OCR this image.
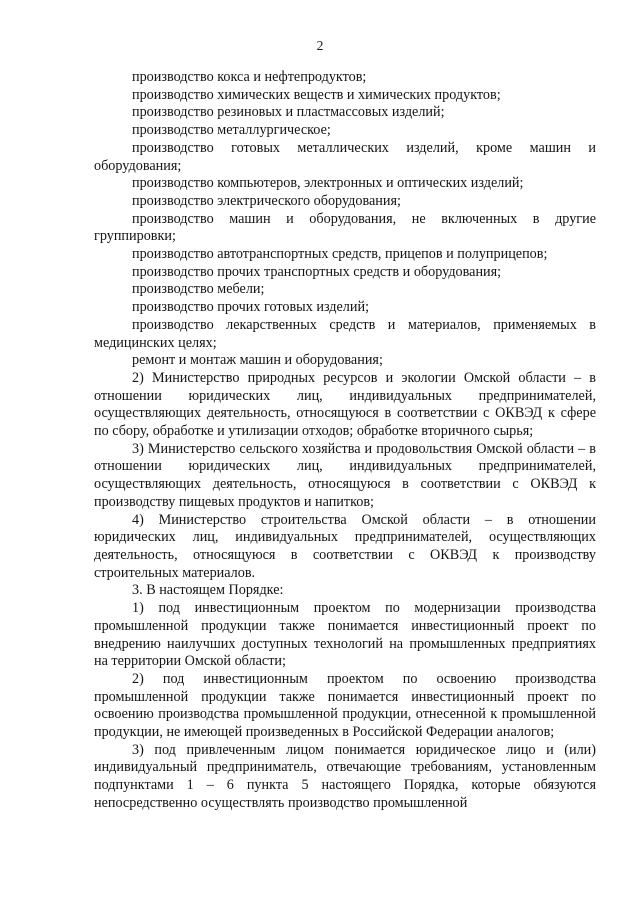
2

производство кокса и нефтепродуктов;

производство химических веществ и химических продуктов;

производство резиновых и пластмассовых изделий;

производство металлургическое;

производство готовых металлических изделий, кроме машин и оборудования;

производство компьютеров, электронных и оптических изделий;

производство электрического оборудования;

производство машин и оборудования, не включенных в другие группировки;

производство автотранспортных средств, прицепов и полуприцепов;

производство прочих транспортных средств и оборудования;

производство мебели;

производство прочих готовых изделий;

производство лекарственных средств и материалов, применяемых в медицинских целях;

ремонт и монтаж машин и оборудования;

2) Министерство природных ресурсов и экологии Омской области – в отношении юридических лиц, индивидуальных предпринимателей, осуществляющих деятельность, относящуюся в соответствии с ОКВЭД к сфере по сбору, обработке и утилизации отходов; обработке вторичного сырья;

3) Министерство сельского хозяйства и продовольствия Омской области – в отношении юридических лиц, индивидуальных предпринимателей, осуществляющих деятельность, относящуюся в соответствии с ОКВЭД к производству пищевых продуктов и напитков;

4) Министерство строительства Омской области – в отношении юридических лиц, индивидуальных предпринимателей, осуществляющих деятельность, относящуюся в соответствии с ОКВЭД к производству строительных материалов.

3. В настоящем Порядке:

1) под инвестиционным проектом по модернизации производства промышленной продукции также понимается инвестиционный проект по внедрению наилучших доступных технологий на промышленных предприятиях на территории Омской области;

2) под инвестиционным проектом по освоению производства промышленной продукции также понимается инвестиционный проект по освоению производства промышленной продукции, отнесенной к промышленной продукции, не имеющей произведенных в Российской Федерации аналогов;

3) под привлеченным лицом понимается юридическое лицо и (или) индивидуальный предприниматель, отвечающие требованиям, установленным подпунктами 1 – 6 пункта 5 настоящего Порядка, которые обязуются непосредственно осуществлять производство промышленной
